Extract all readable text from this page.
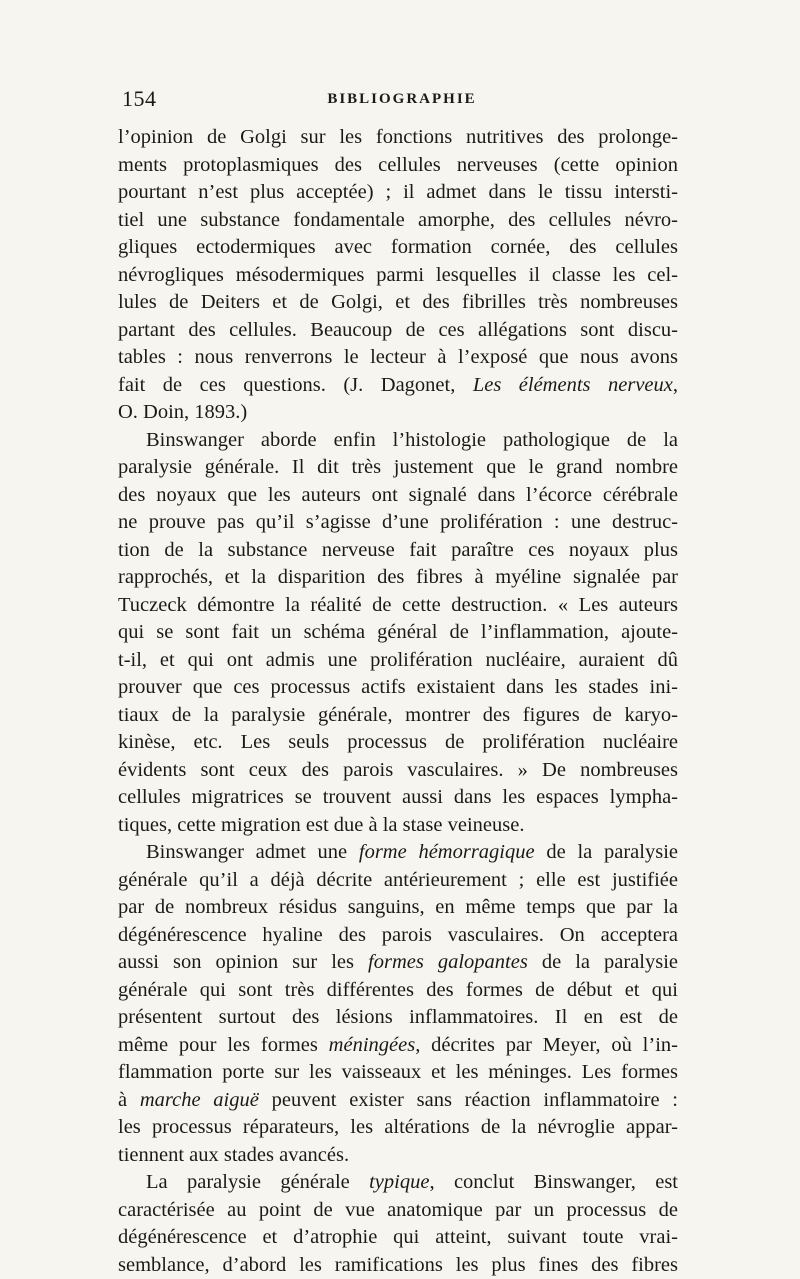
154	BIBLIOGRAPHIE
l’opinion de Golgi sur les fonctions nutritives des prolonge-
ments protoplasmiques des cellules nerveuses (cette opinion
pourtant n’est plus acceptée) ; il admet dans le tissu intersti-
tiel une substance fondamentale amorphe, des cellules névro-
gliques ectodermiques avec formation cornée, des cellules
névrogliques mésodermiques parmi lesquelles il classe les cel-
lules de Deiters et de Golgi, et des fibrilles très nombreuses
partant des cellules. Beaucoup de ces allégations sont discu-
tables : nous renverrons le lecteur à l’exposé que nous avons
fait de ces questions. (J. Dagonet, Les éléments nerveux,
O. Doin, 1893.)
Binswanger aborde enfin l’histologie pathologique de la
paralysie générale. Il dit très justement que le grand nombre
des noyaux que les auteurs ont signalé dans l’écorce cérébrale
ne prouve pas qu’il s’agisse d’une prolifération : une destruc-
tion de la substance nerveuse fait paraître ces noyaux plus
rapprochés, et la disparition des fibres à myéline signalée par
Tuczeck démontre la réalité de cette destruction. « Les auteurs
qui se sont fait un schéma général de l’inflammation, ajoute-
t-il, et qui ont admis une prolifération nucléaire, auraient dû
prouver que ces processus actifs existaient dans les stades ini-
tiaux de la paralysie générale, montrer des figures de karyo-
kinèse, etc. Les seuls processus de prolifération nucléaire
évidents sont ceux des parois vasculaires. » De nombreuses
cellules migratrices se trouvent aussi dans les espaces lympha-
tiques, cette migration est due à la stase veineuse.
Binswanger admet une forme hémorragique de la paralysie
générale qu’il a déjà décrite antérieurement ; elle est justifiée
par de nombreux résidus sanguins, en même temps que par la
dégénérescence hyaline des parois vasculaires. On acceptera
aussi son opinion sur les formes galopantes de la paralysie
générale qui sont très différentes des formes de début et qui
présentent surtout des lésions inflammatoires. Il en est de
même pour les formes méningées, décrites par Meyer, où l’in-
flammation porte sur les vaisseaux et les méninges. Les formes
à marche aiguë peuvent exister sans réaction inflammatoire :
les processus réparateurs, les altérations de la névroglie appar-
tiennent aux stades avancés.
La paralysie générale typique, conclut Binswanger, est
caractérisée au point de vue anatomique par un processus de
dégénérescence et d’atrophie qui atteint, suivant toute vrai-
semblance, d’abord les ramifications les plus fines des fibres
